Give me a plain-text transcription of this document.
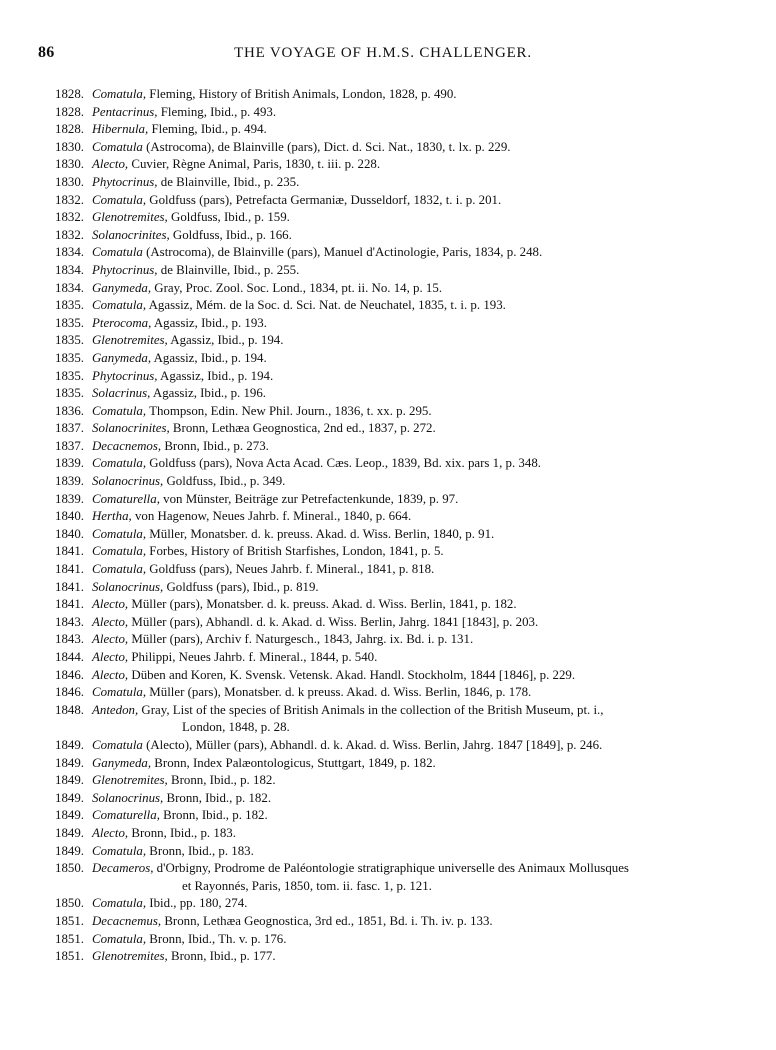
86	THE VOYAGE OF H.M.S. CHALLENGER.
1828. Comatula, Fleming, History of British Animals, London, 1828, p. 490.
1828. Pentacrinus, Fleming, Ibid., p. 493.
1828. Hibernula, Fleming, Ibid., p. 494.
1830. Comatula (Astrocoma), de Blainville (pars), Dict. d. Sci. Nat., 1830, t. lx. p. 229.
1830. Alecto, Cuvier, Règne Animal, Paris, 1830, t. iii. p. 228.
1830. Phytocrinus, de Blainville, Ibid., p. 235.
1832. Comatula, Goldfuss (pars), Petrefacta Germaniæ, Dusseldorf, 1832, t. i. p. 201.
1832. Glenotremites, Goldfuss, Ibid., p. 159.
1832. Solanocrinites, Goldfuss, Ibid., p. 166.
1834. Comatula (Astrocoma), de Blainville (pars), Manuel d'Actinologie, Paris, 1834, p. 248.
1834. Phytocrinus, de Blainville, Ibid., p. 255.
1834. Ganymeda, Gray, Proc. Zool. Soc. Lond., 1834, pt. ii. No. 14, p. 15.
1835. Comatula, Agassiz, Mém. de la Soc. d. Sci. Nat. de Neuchatel, 1835, t. i. p. 193.
1835. Pterocoma, Agassiz, Ibid., p. 193.
1835. Glenotremites, Agassiz, Ibid., p. 194.
1835. Ganymeda, Agassiz, Ibid., p. 194.
1835. Phytocrinus, Agassiz, Ibid., p. 194.
1835. Solacrinus, Agassiz, Ibid., p. 196.
1836. Comatula, Thompson, Edin. New Phil. Journ., 1836, t. xx. p. 295.
1837. Solanocrinites, Bronn, Lethæa Geognostica, 2nd ed., 1837, p. 272.
1837. Decacnemos, Bronn, Ibid., p. 273.
1839. Comatula, Goldfuss (pars), Nova Acta Acad. Cæs. Leop., 1839, Bd. xix. pars 1, p. 348.
1839. Solanocrinus, Goldfuss, Ibid., p. 349.
1839. Comaturella, von Münster, Beiträge zur Petrefactenkunde, 1839, p. 97.
1840. Hertha, von Hagenow, Neues Jahrb. f. Mineral., 1840, p. 664.
1840. Comatula, Müller, Monatsber. d. k. preuss. Akad. d. Wiss. Berlin, 1840, p. 91.
1841. Comatula, Forbes, History of British Starfishes, London, 1841, p. 5.
1841. Comatula, Goldfuss (pars), Neues Jahrb. f. Mineral., 1841, p. 818.
1841. Solanocrinus, Goldfuss (pars), Ibid., p. 819.
1841. Alecto, Müller (pars), Monatsber. d. k. preuss. Akad. d. Wiss. Berlin, 1841, p. 182.
1843. Alecto, Müller (pars), Abhandl. d. k. Akad. d. Wiss. Berlin, Jahrg. 1841 [1843], p. 203.
1843. Alecto, Müller (pars), Archiv f. Naturgesch., 1843, Jahrg. ix. Bd. i. p. 131.
1844. Alecto, Philippi, Neues Jahrb. f. Mineral., 1844, p. 540.
1846. Alecto, Düben and Koren, K. Svensk. Vetensk. Akad. Handl. Stockholm, 1844 [1846], p. 229.
1846. Comatula, Müller (pars), Monatsber. d. k preuss. Akad. d. Wiss. Berlin, 1846, p. 178.
1848. Antedon, Gray, List of the species of British Animals in the collection of the British Museum, pt. i.,
London, 1848, p. 28.
1849. Comatula (Alecto), Müller (pars), Abhandl. d. k. Akad. d. Wiss. Berlin, Jahrg. 1847 [1849], p. 246.
1849. Ganymeda, Bronn, Index Palæontologicus, Stuttgart, 1849, p. 182.
1849. Glenotremites, Bronn, Ibid., p. 182.
1849. Solanocrinus, Bronn, Ibid., p. 182.
1849. Comaturella, Bronn, Ibid., p. 182.
1849. Alecto, Bronn, Ibid., p. 183.
1849. Comatula, Bronn, Ibid., p. 183.
1850. Decameros, d'Orbigny, Prodrome de Paléontologie stratigraphique universelle des Animaux Mollusques
et Rayonnés, Paris, 1850, tom. ii. fasc. 1, p. 121.
1850. Comatula, Ibid., pp. 180, 274.
1851. Decacnemus, Bronn, Lethæa Geognostica, 3rd ed., 1851, Bd. i. Th. iv. p. 133.
1851. Comatula, Bronn, Ibid., Th. v. p. 176.
1851. Glenotremites, Bronn, Ibid., p. 177.
